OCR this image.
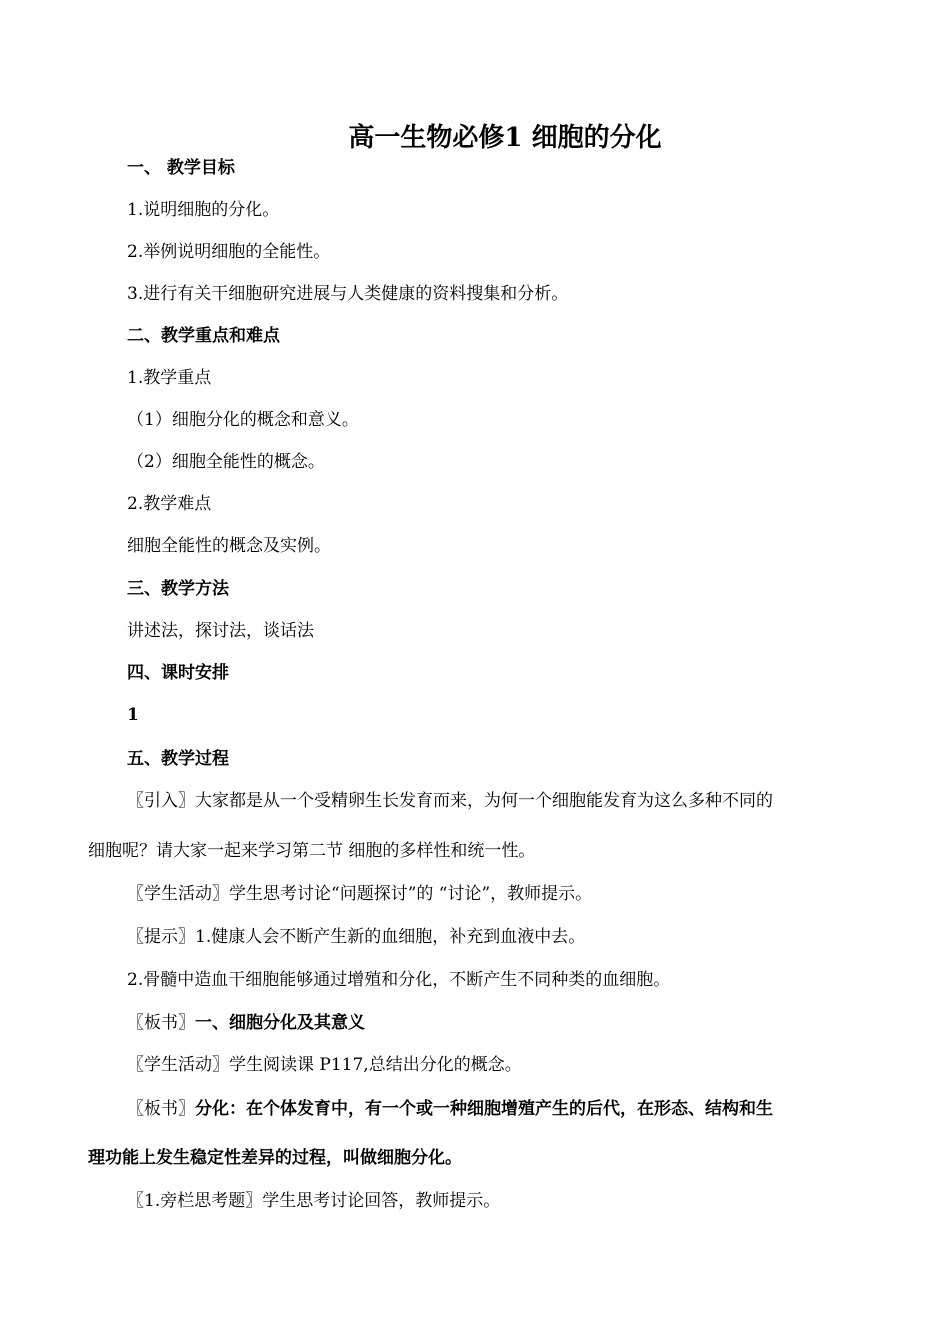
高一生物必修1 细胞的分化
一、 教学目标
1.说明细胞的分化。
2.举例说明细胞的全能性。
3.进行有关干细胞研究进展与人类健康的资料搜集和分析。
二、教学重点和难点
1.教学重点
（1）细胞分化的概念和意义。
（2）细胞全能性的概念。
2.教学难点
细胞全能性的概念及实例。
三、教学方法
讲述法，探讨法，谈话法
四、课时安排
1
五、教学过程
〖引入〗大家都是从一个受精卵生长发育而来，为何一个细胞能发育为这么多种不同的
细胞呢？请大家一起来学习第二节 细胞的多样性和统一性。
〖学生活动〗学生思考讨论“问题探讨”的 “讨论”，教师提示。
〖提示〗1.健康人会不断产生新的血细胞，补充到血液中去。
2.骨髓中造血干细胞能够通过增殖和分化，不断产生不同种类的血细胞。
〖板书〗一、细胞分化及其意义
〖学生活动〗学生阅读课 P117,总结出分化的概念。
〖板书〗分化：在个体发育中，有一个或一种细胞增殖产生的后代，在形态、结构和生
理功能上发生稳定性差异的过程，叫做细胞分化。
〖1.旁栏思考题〗学生思考讨论回答，教师提示。
